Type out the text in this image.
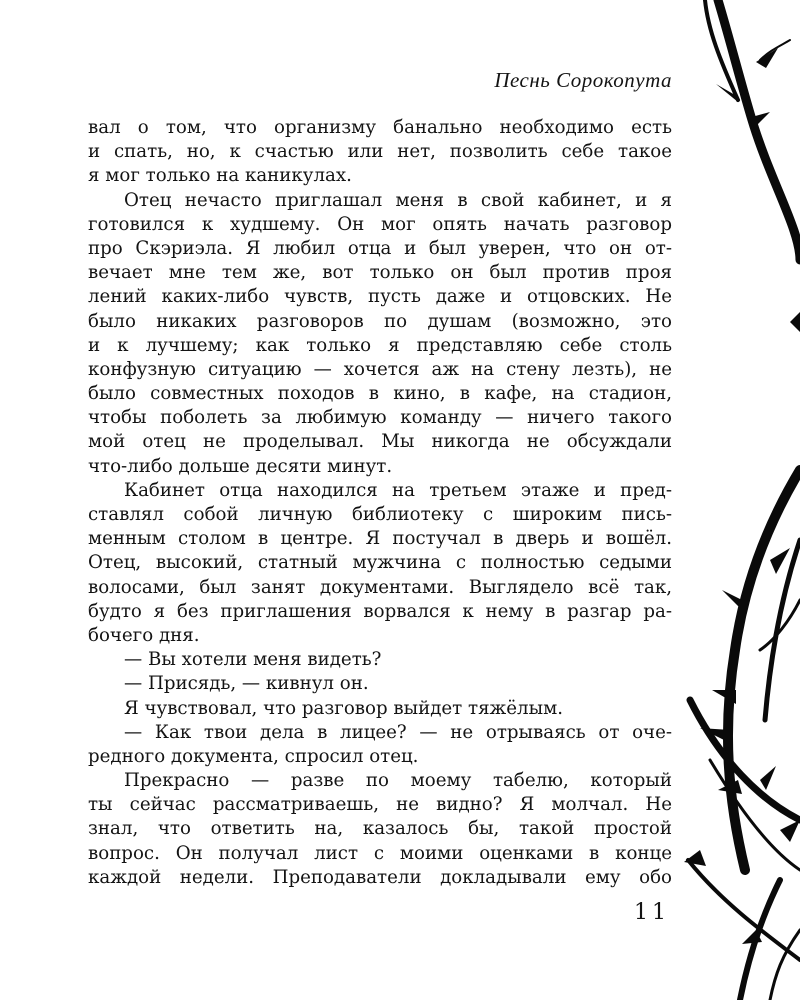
Песнь Сорокопута
вал о том, что организму банально необходимо есть
и спать, но, к счастью или нет, позволить себе такое
я мог только на каникулах.
Отец нечасто приглашал меня в свой кабинет, и я
готовился к худшему. Он мог опять начать разговор
про Скэриэла. Я любил отца и был уверен, что он от-
вечает мне тем же, вот только он был против проя
лений каких-либо чувств, пусть даже и отцовских. Не
было никаких разговоров по душам (возможно, это
и к лучшему; как только я представляю себе столь
конфузную ситуацию — хочется аж на стену лезть), не
было совместных походов в кино, в кафе, на стадион,
чтобы поболеть за любимую команду — ничего такого
мой отец не проделывал. Мы никогда не обсуждали
что-либо дольше десяти минут.
Кабинет отца находился на третьем этаже и пред-
ставлял собой личную библиотеку с широким пись-
менным столом в центре. Я постучал в дверь и вошёл.
Отец, высокий, статный мужчина с полностью седыми
волосами, был занят документами. Выглядело всё так,
будто я без приглашения ворвался к нему в разгар ра-
бочего дня.
— Вы хотели меня видеть?
— Присядь, — кивнул он.
Я чувствовал, что разговор выйдет тяжёлым.
— Как твои дела в лицее? — не отрываясь от оче-
редного документа, спросил отец.
Прекрасно — разве по моему табелю, который
ты сейчас рассматриваешь, не видно? Я молчал. Не
знал, что ответить на, казалось бы, такой простой
вопрос. Он получал лист с моими оценками в конце
каждой недели. Преподаватели докладывали ему обо
11
